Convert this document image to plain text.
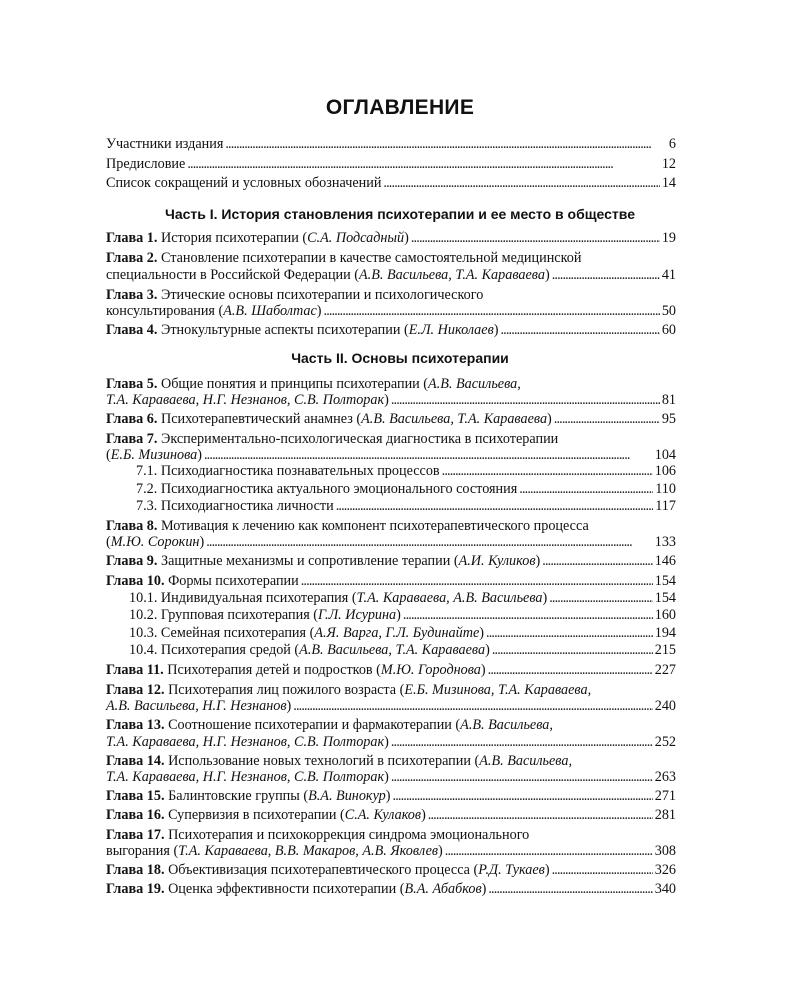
ОГЛАВЛЕНИЕ
Участники издания . . .	6
Предисловие . . .	12
Список сокращений и условных обозначений . . .	14
Часть I. История становления психотерапии и ее место в обществе
Глава 1. История психотерапии (С.А. Подсадный) . . .	19
Глава 2. Становление психотерапии в качестве самостоятельной медицинской
специальности в Российской Федерации (А.В. Васильева, Т.А. Караваева) . . .	41
Глава 3. Этические основы психотерапии и психологического
консультирования (А.В. Шаболтас) . . .	50
Глава 4. Этнокультурные аспекты психотерапии (Е.Л. Николаев) . . .	60
Часть II. Основы психотерапии
Глава 5. Общие понятия и принципы психотерапии (А.В. Васильева,
Т.А. Караваева, Н.Г. Незнанов, С.В. Полторак) . . .	81
Глава 6. Психотерапевтический анамнез (А.В. Васильева, Т.А. Караваева) . . .	95
Глава 7. Экспериментально-психологическая диагностика в психотерапии
(Е.Б. Мизинова) . . .	104
7.1. Психодиагностика познавательных процессов . . .	106
7.2. Психодиагностика актуального эмоционального состояния . . .	110
7.3. Психодиагностика личности . . .	117
Глава 8. Мотивация к лечению как компонент психотерапевтического процесса
(М.Ю. Сорокин) . . .	133
Глава 9. Защитные механизмы и сопротивление терапии (А.И. Куликов) . . .	146
Глава 10. Формы психотерапии . . .	154
10.1. Индивидуальная психотерапия (Т.А. Караваева, А.В. Васильева) . . .	154
10.2. Групповая психотерапия (Г.Л. Исурина) . . .	160
10.3. Семейная психотерапия (А.Я. Варга, Г.Л. Будинайте) . . .	194
10.4. Психотерапия средой (А.В. Васильева, Т.А. Караваева) . . .	215
Глава 11. Психотерапия детей и подростков (М.Ю. Городнова) . . .	227
Глава 12. Психотерапия лиц пожилого возраста (Е.Б. Мизинова, Т.А. Караваева,
А.В. Васильева, Н.Г. Незнанов) . . .	240
Глава 13. Соотношение психотерапии и фармакотерапии (А.В. Васильева,
Т.А. Караваева, Н.Г. Незнанов, С.В. Полторак) . . .	252
Глава 14. Использование новых технологий в психотерапии (А.В. Васильева,
Т.А. Караваева, Н.Г. Незнанов, С.В. Полторак) . . .	263
Глава 15. Балинтовские группы (В.А. Винокур) . . .	271
Глава 16. Супервизия в психотерапии (С.А. Кулаков) . . .	281
Глава 17. Психотерапия и психокоррекция синдрома эмоционального
выгорания (Т.А. Караваева, В.В. Макаров, А.В. Яковлев) . . .	308
Глава 18. Объективизация психотерапевтического процесса (Р.Д. Тукаев) . . .	326
Глава 19. Оценка эффективности психотерапии (В.А. Абабков) . . .	340
